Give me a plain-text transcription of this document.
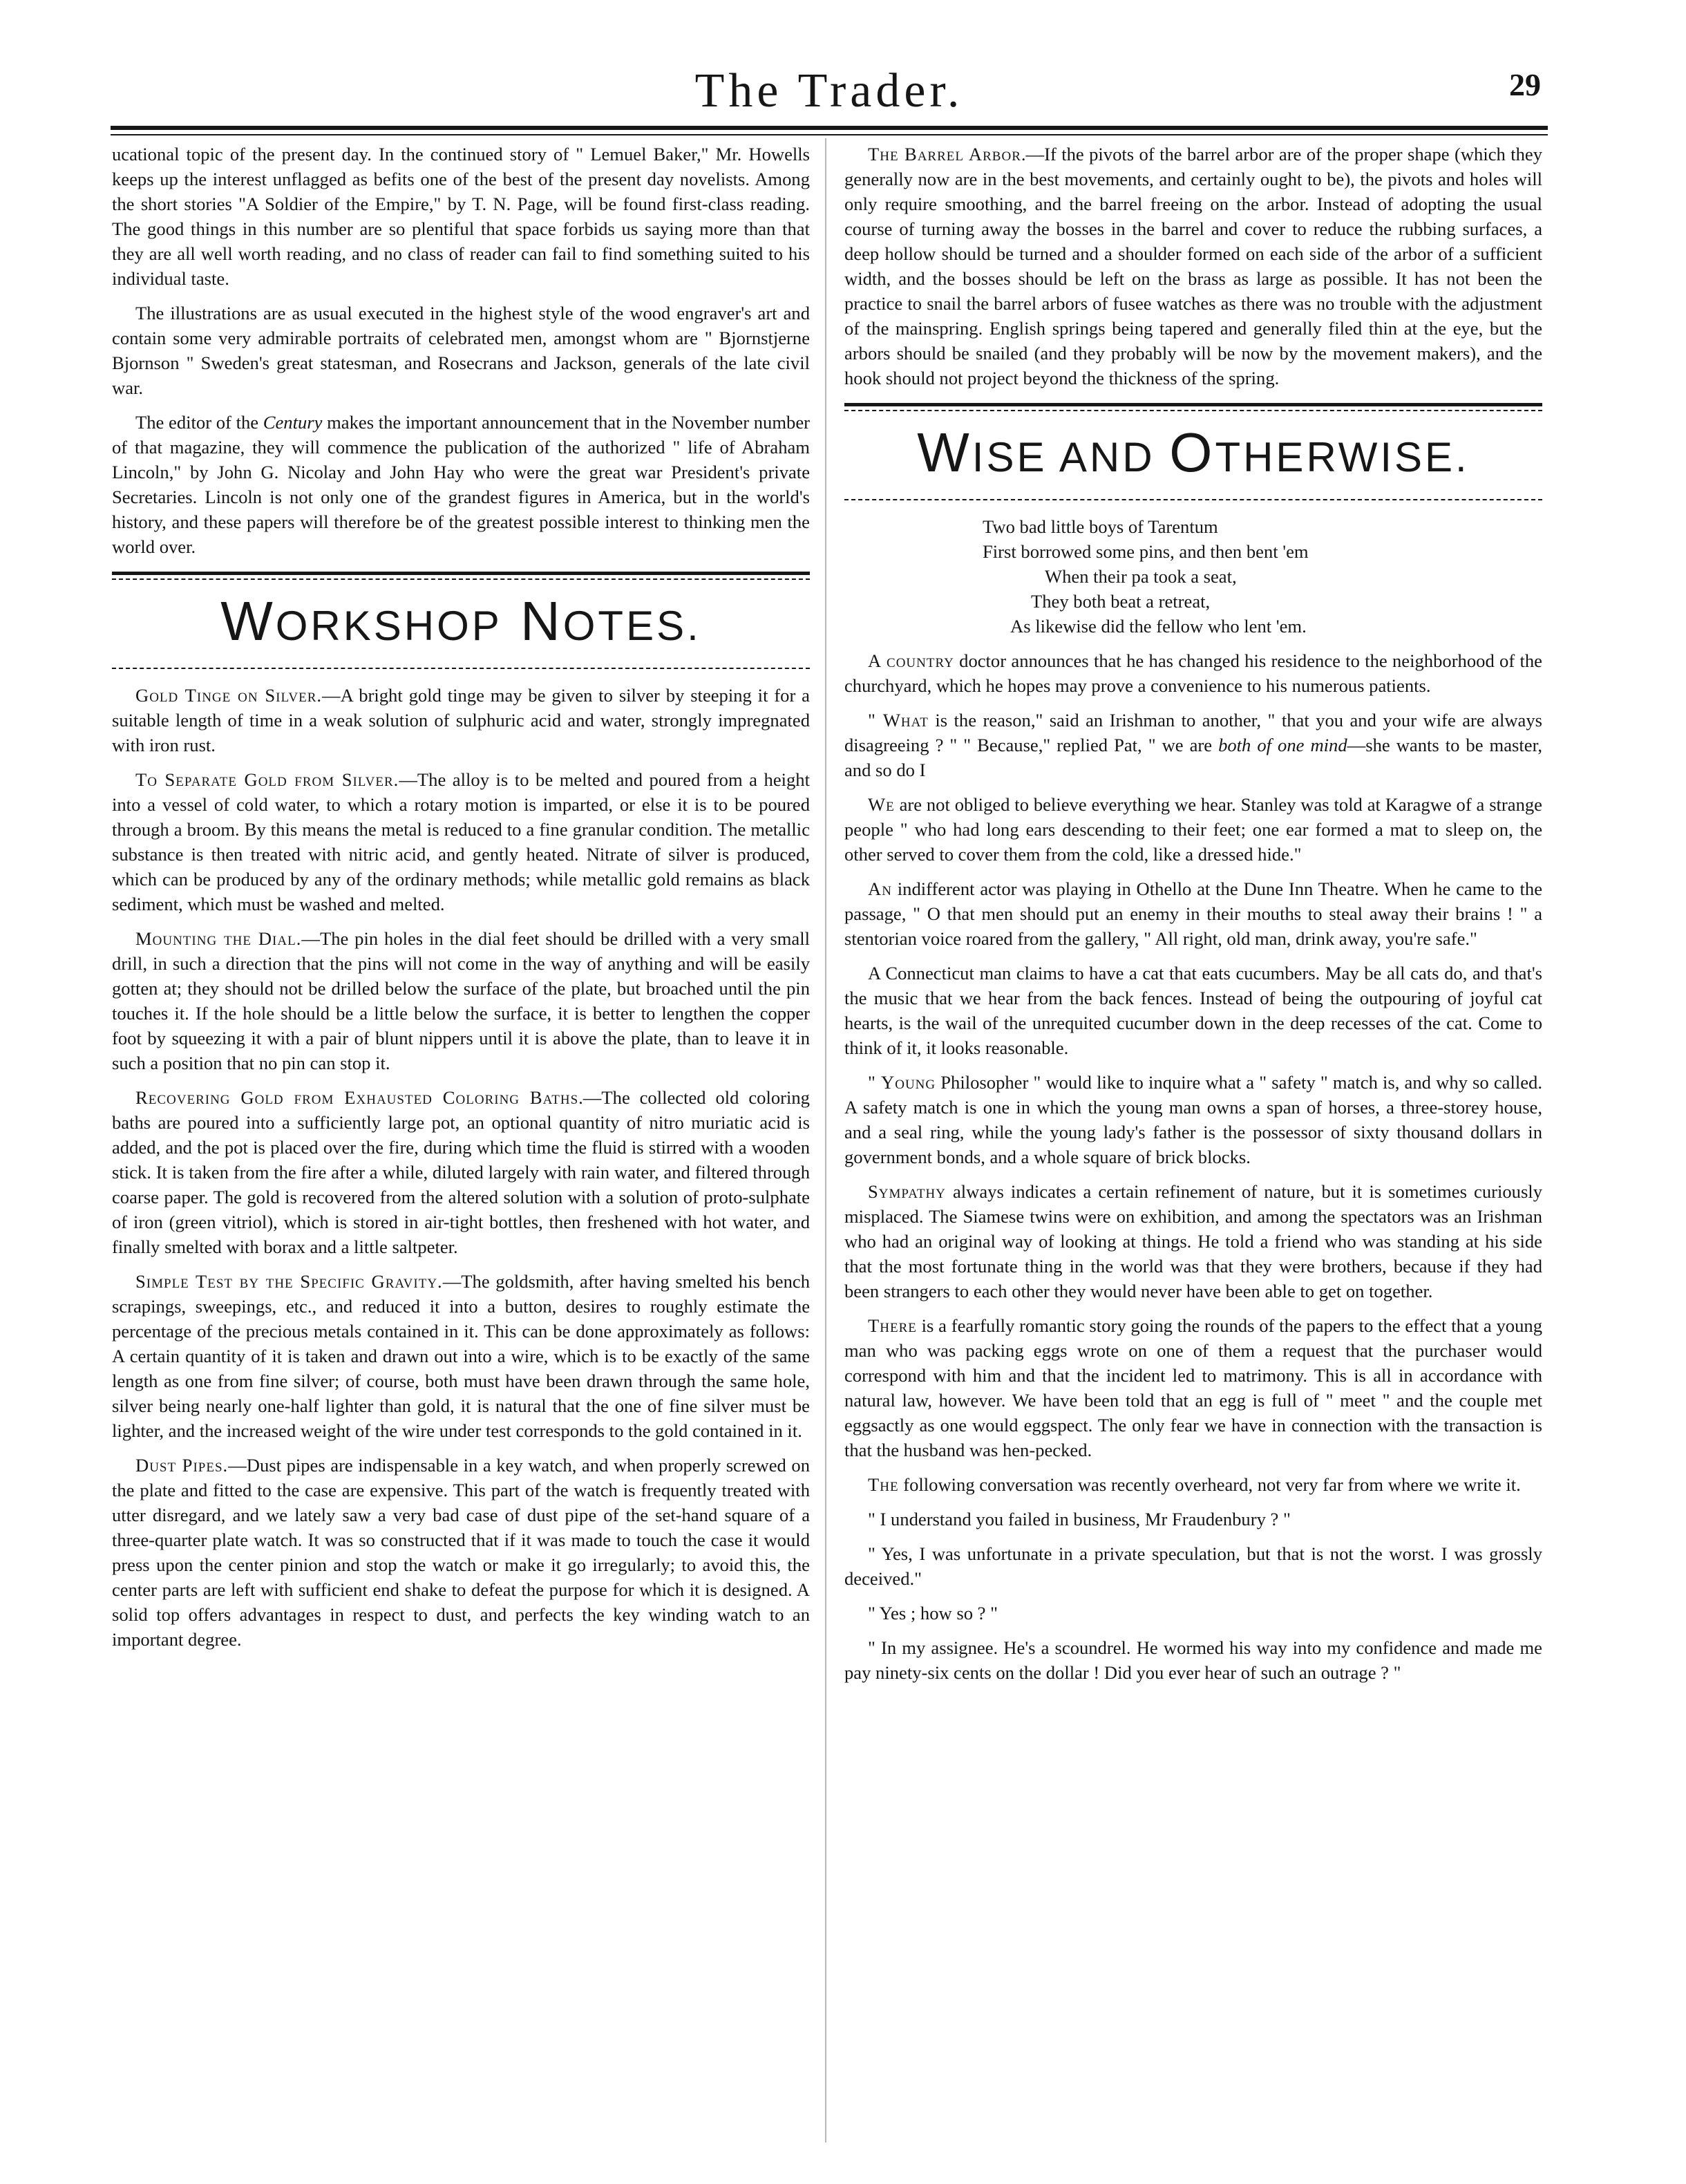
The Trader.	29

ucational topic of the present day. In the continued story of " Lemuel Baker," Mr. Howells keeps up the interest unflagged as befits one of the best of the present day novelists. Among the short stories "A Soldier of the Empire," by T. N. Page, will be found first-class reading. The good things in this number are so plentiful that space forbids us saying more than that they are all well worth reading, and no class of reader can fail to find something suited to his individual taste.

The illustrations are as usual executed in the highest style of the wood engraver's art and contain some very admirable portraits of celebrated men, amongst whom are " Bjornstjerne Bjornson " Sweden's great statesman, and Rosecrans and Jackson, generals of the late civil war.

The editor of the Century makes the important announcement that in the November number of that magazine, they will commence the publication of the authorized " life of Abraham Lincoln," by John G. Nicolay and John Hay who were the great war President's private Secretaries. Lincoln is not only one of the grandest figures in America, but in the world's history, and these papers will therefore be of the greatest possible interest to thinking men the world over.

WORKSHOP NOTES.

Gold Tinge on Silver.—A bright gold tinge may be given to silver by steeping it for a suitable length of time in a weak solution of sulphuric acid and water, strongly impregnated with iron rust.

To Separate Gold from Silver.—The alloy is to be melted and poured from a height into a vessel of cold water, to which a rotary motion is imparted, or else it is to be poured through a broom. By this means the metal is reduced to a fine granular condition. The metallic substance is then treated with nitric acid, and gently heated. Nitrate of silver is produced, which can be produced by any of the ordinary methods; while metallic gold remains as black sediment, which must be washed and melted.

Mounting the Dial.—The pin holes in the dial feet should be drilled with a very small drill, in such a direction that the pins will not come in the way of anything and will be easily gotten at; they should not be drilled below the surface of the plate, but broached until the pin touches it. If the hole should be a little below the surface, it is better to lengthen the copper foot by squeezing it with a pair of blunt nippers until it is above the plate, than to leave it in such a position that no pin can stop it.

Recovering Gold from Exhausted Coloring Baths.—The collected old coloring baths are poured into a sufficiently large pot, an optional quantity of nitro muriatic acid is added, and the pot is placed over the fire, during which time the fluid is stirred with a wooden stick. It is taken from the fire after a while, diluted largely with rain water, and filtered through coarse paper. The gold is recovered from the altered solution with a solution of proto-sulphate of iron (green vitriol), which is stored in air-tight bottles, then freshened with hot water, and finally smelted with borax and a little saltpeter.

Simple Test by the Specific Gravity.—The goldsmith, after having smelted his bench scrapings, sweepings, etc., and reduced it into a button, desires to roughly estimate the percentage of the precious metals contained in it. This can be done approximately as follows: A certain quantity of it is taken and drawn out into a wire, which is to be exactly of the same length as one from fine silver; of course, both must have been drawn through the same hole, silver being nearly one-half lighter than gold, it is natural that the one of fine silver must be lighter, and the increased weight of the wire under test corresponds to the gold contained in it.

Dust Pipes.—Dust pipes are indispensable in a key watch, and when properly screwed on the plate and fitted to the case are expensive. This part of the watch is frequently treated with utter disregard, and we lately saw a very bad case of dust pipe of the set-hand square of a three-quarter plate watch. It was so constructed that if it was made to touch the case it would press upon the center pinion and stop the watch or make it go irregularly; to avoid this, the center parts are left with sufficient end shake to defeat the purpose for which it is designed. A solid top offers advantages in respect to dust, and perfects the key winding watch to an important degree.

The Barrel Arbor.—If the pivots of the barrel arbor are of the proper shape (which they generally now are in the best movements, and certainly ought to be), the pivots and holes will only require smoothing, and the barrel freeing on the arbor. Instead of adopting the usual course of turning away the bosses in the barrel and cover to reduce the rubbing surfaces, a deep hollow should be turned and a shoulder formed on each side of the arbor of a sufficient width, and the bosses should be left on the brass as large as possible. It has not been the practice to snail the barrel arbors of fusee watches as there was no trouble with the adjustment of the mainspring. English springs being tapered and generally filed thin at the eye, but the arbors should be snailed (and they probably will be now by the movement makers), and the hook should not project beyond the thickness of the spring.

WISE AND OTHERWISE.
Two bad little boys of Tarentum
First borrowed some pins, and then bent 'em
When their pa took a seat,
They both beat a retreat,
As likewise did the fellow who lent 'em.

A country doctor announces that he has changed his residence to the neighborhood of the churchyard, which he hopes may prove a convenience to his numerous patients.

" What is the reason," said an Irishman to another, " that you and your wife are always disagreeing ? " " Because," replied Pat, " we are both of one mind—she wants to be master, and so do I

We are not obliged to believe everything we hear. Stanley was told at Karagwe of a strange people " who had long ears descending to their feet; one ear formed a mat to sleep on, the other served to cover them from the cold, like a dressed hide."

An indifferent actor was playing in Othello at the Dune Inn Theatre. When he came to the passage, " O that men should put an enemy in their mouths to steal away their brains ! " a stentorian voice roared from the gallery, " All right, old man, drink away, you're safe."

A Connecticut man claims to have a cat that eats cucumbers. May be all cats do, and that's the music that we hear from the back fences. Instead of being the outpouring of joyful cat hearts, is the wail of the unrequited cucumber down in the deep recesses of the cat. Come to think of it, it looks reasonable.

" Young Philosopher " would like to inquire what a " safety " match is, and why so called. A safety match is one in which the young man owns a span of horses, a three-storey house, and a seal ring, while the young lady's father is the possessor of sixty thousand dollars in government bonds, and a whole square of brick blocks.

Sympathy always indicates a certain refinement of nature, but it is sometimes curiously misplaced. The Siamese twins were on exhibition, and among the spectators was an Irishman who had an original way of looking at things. He told a friend who was standing at his side that the most fortunate thing in the world was that they were brothers, because if they had been strangers to each other they would never have been able to get on together.

There is a fearfully romantic story going the rounds of the papers to the effect that a young man who was packing eggs wrote on one of them a request that the purchaser would correspond with him and that the incident led to matrimony. This is all in accordance with natural law, however. We have been told that an egg is full of " meet " and the couple met eggsactly as one would eggspect. The only fear we have in connection with the transaction is that the husband was hen-pecked.

The following conversation was recently overheard, not very far from where we write it.

" I understand you failed in business, Mr Fraudenbury ? "

" Yes, I was unfortunate in a private speculation, but that is not the worst. I was grossly deceived."

" Yes ; how so ? "

" In my assignee. He's a scoundrel. He wormed his way into my confidence and made me pay ninety-six cents on the dollar ! Did you ever hear of such an outrage ? "
